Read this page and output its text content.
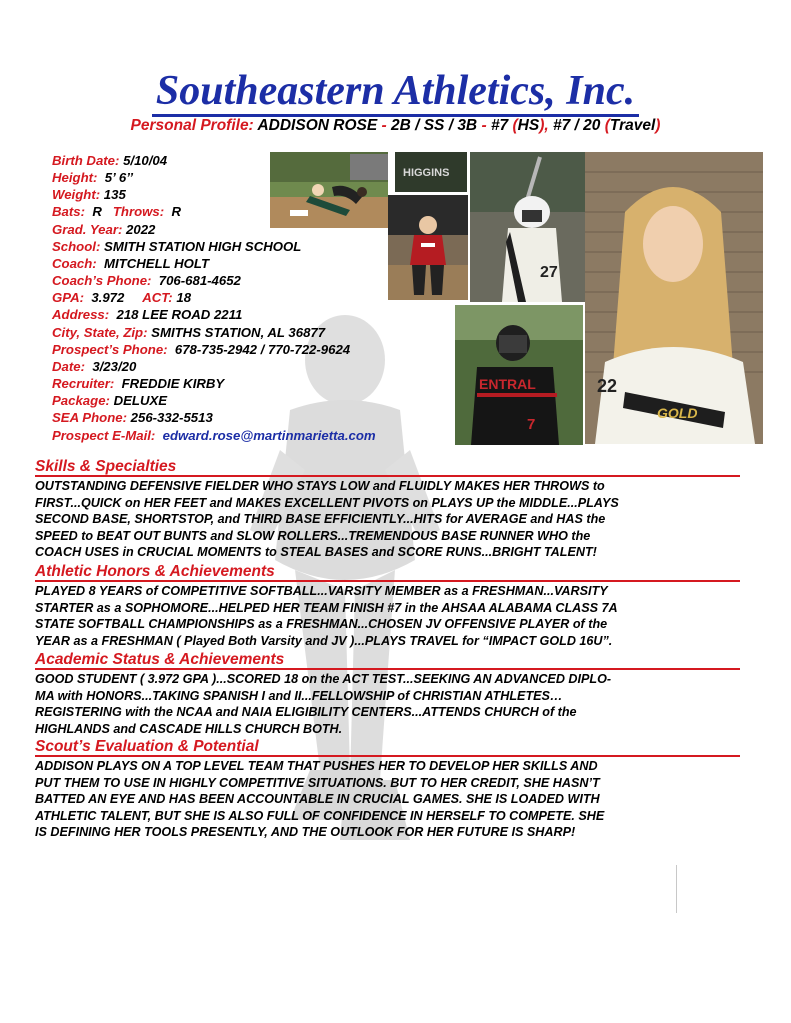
Southeastern Athletics, Inc.
Personal Profile: ADDISON ROSE - 2B / SS / 3B - #7 (HS), #7 / 20 (Travel)
Birth Date: 5/10/04
Height: 5’ 6’’
Weight: 135
Bats: R Throws: R
Grad. Year: 2022
School: SMITH STATION HIGH SCHOOL
Coach: MITCHELL HOLT
Coach’s Phone: 706-681-4652
GPA: 3.972 ACT: 18
Address: 218 LEE ROAD 2211
City, State, Zip: SMITHS STATION, AL 36877
Prospect’s Phone: 678-735-2942 / 770-722-9624
Date: 3/23/20
Recruiter: FREDDIE KIRBY
Package: DELUXE
SEA Phone: 256-332-5513
Prospect E-Mail: edward.rose@martinmarietta.com
27
ENTRAL
7
GOLD
22
HIGGINS
Skills & Specialties

OUTSTANDING DEFENSIVE FIELDER WHO STAYS LOW and FLUIDLY MAKES HER THROWS to

FIRST...QUICK on HER FEET and MAKES EXCELLENT PIVOTS on PLAYS UP the MIDDLE...PLAYS

SECOND BASE, SHORTSTOP, and THIRD BASE EFFICIENTLY...HITS for AVERAGE and HAS the

SPEED to BEAT OUT BUNTS and SLOW ROLLERS...TREMENDOUS BASE RUNNER WHO the

COACH USES in CRUCIAL MOMENTS to STEAL BASES and SCORE RUNS...BRIGHT TALENT!

Athletic Honors & Achievements

PLAYED 8 YEARS of COMPETITIVE SOFTBALL...VARSITY MEMBER as a FRESHMAN...VARSITY

STARTER as a SOPHOMORE...HELPED HER TEAM FINISH #7 in the AHSAA ALABAMA CLASS 7A

STATE SOFTBALL CHAMPIONSHIPS as a FRESHMAN...CHOSEN JV OFFENSIVE PLAYER of the

YEAR as a FRESHMAN ( Played Both Varsity and JV )...PLAYS TRAVEL for “IMPACT GOLD 16U”.

Academic Status & Achievements

GOOD STUDENT ( 3.972 GPA )...SCORED 18 on the ACT TEST...SEEKING AN ADVANCED DIPLO-

MA with HONORS...TAKING SPANISH I and II...FELLOWSHIP of CHRISTIAN ATHLETES…

REGISTERING with the NCAA and NAIA ELIGIBILITY CENTERS...ATTENDS CHURCH of the

HIGHLANDS and CASCADE HILLS CHURCH BOTH.

Scout’s Evaluation & Potential

ADDISON PLAYS ON A TOP LEVEL TEAM THAT PUSHES HER TO DEVELOP HER SKILLS AND

PUT THEM TO USE IN HIGHLY COMPETITIVE SITUATIONS. BUT TO HER CREDIT, SHE HASN’T

BATTED AN EYE AND HAS BEEN ACCOUNTABLE IN CRUCIAL GAMES. SHE IS LOADED WITH

ATHLETIC TALENT, BUT SHE IS ALSO FULL OF CONFIDENCE IN HERSELF TO COMPETE. SHE

IS DEFINING HER TOOLS PRESENTLY, AND THE OUTLOOK FOR HER FUTURE IS SHARP!
